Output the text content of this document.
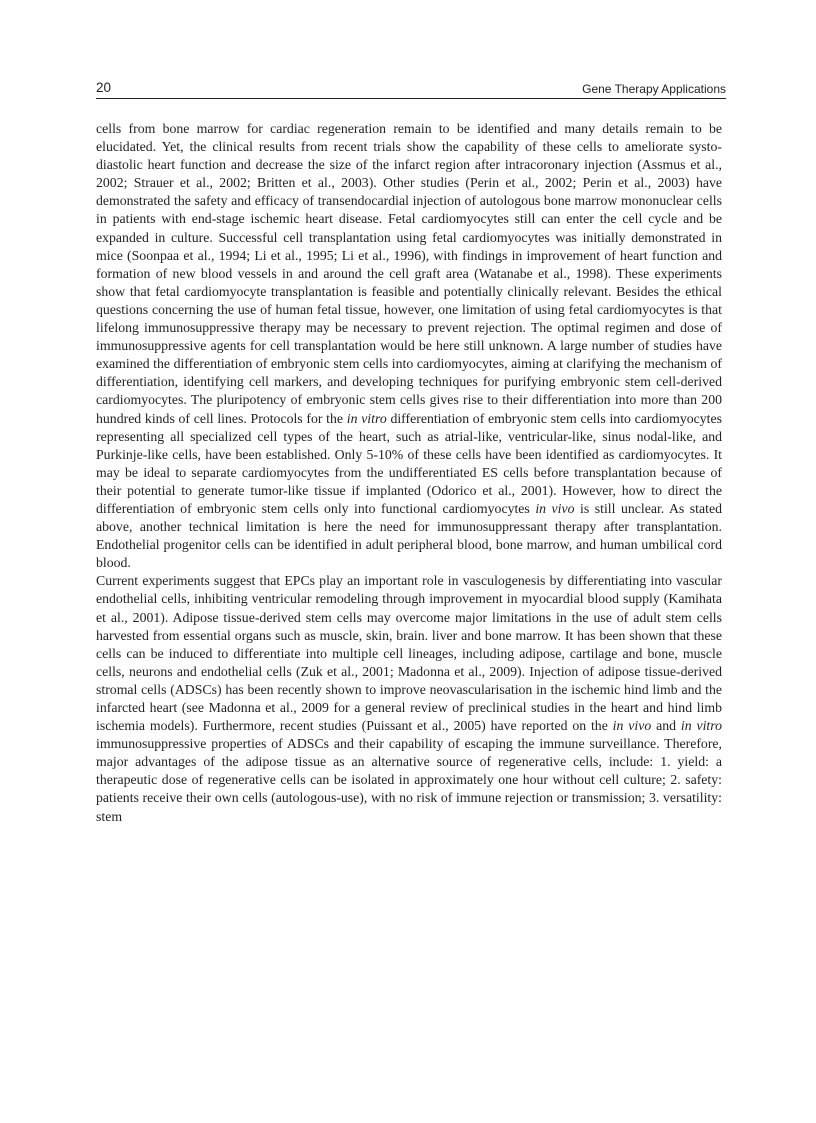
20	Gene Therapy Applications

cells from bone marrow for cardiac regeneration remain to be identified and many details remain to be elucidated. Yet, the clinical results from recent trials show the capability of these cells to ameliorate systo-diastolic heart function and decrease the size of the infarct region after intracoronary injection (Assmus et al., 2002; Strauer et al., 2002; Britten et al., 2003). Other studies (Perin et al., 2002; Perin et al., 2003) have demonstrated the safety and efficacy of transendocardial injection of autologous bone marrow mononuclear cells in patients with end-stage ischemic heart disease. Fetal cardiomyocytes still can enter the cell cycle and be expanded in culture. Successful cell transplantation using fetal cardiomyocytes was initially demonstrated in mice (Soonpaa et al., 1994; Li et al., 1995; Li et al., 1996), with findings in improvement of heart function and formation of new blood vessels in and around the cell graft area (Watanabe et al., 1998). These experiments show that fetal cardiomyocyte transplantation is feasible and potentially clinically relevant. Besides the ethical questions concerning the use of human fetal tissue, however, one limitation of using fetal cardiomyocytes is that lifelong immunosuppressive therapy may be necessary to prevent rejection. The optimal regimen and dose of immunosuppressive agents for cell transplantation would be here still unknown. A large number of studies have examined the differentiation of embryonic stem cells into cardiomyocytes, aiming at clarifying the mechanism of differentiation, identifying cell markers, and developing techniques for purifying embryonic stem cell-derived cardiomyocytes. The pluripotency of embryonic stem cells gives rise to their differentiation into more than 200 hundred kinds of cell lines. Protocols for the in vitro differentiation of embryonic stem cells into cardiomyocytes representing all specialized cell types of the heart, such as atrial-like, ventricular-like, sinus nodal-like, and Purkinje-like cells, have been established. Only 5-10% of these cells have been identified as cardiomyocytes. It may be ideal to separate cardiomyocytes from the undifferentiated ES cells before transplantation because of their potential to generate tumor-like tissue if implanted (Odorico et al., 2001). However, how to direct the differentiation of embryonic stem cells only into functional cardiomyocytes in vivo is still unclear. As stated above, another technical limitation is here the need for immunosuppressant therapy after transplantation. Endothelial progenitor cells can be identified in adult peripheral blood, bone marrow, and human umbilical cord blood.

Current experiments suggest that EPCs play an important role in vasculogenesis by differentiating into vascular endothelial cells, inhibiting ventricular remodeling through improvement in myocardial blood supply (Kamihata et al., 2001). Adipose tissue-derived stem cells may overcome major limitations in the use of adult stem cells harvested from essential organs such as muscle, skin, brain. liver and bone marrow. It has been shown that these cells can be induced to differentiate into multiple cell lineages, including adipose, cartilage and bone, muscle cells, neurons and endothelial cells (Zuk et al., 2001; Madonna et al., 2009). Injection of adipose tissue-derived stromal cells (ADSCs) has been recently shown to improve neovascularisation in the ischemic hind limb and the infarcted heart (see Madonna et al., 2009 for a general review of preclinical studies in the heart and hind limb ischemia models). Furthermore, recent studies (Puissant et al., 2005) have reported on the in vivo and in vitro immunosuppressive properties of ADSCs and their capability of escaping the immune surveillance. Therefore, major advantages of the adipose tissue as an alternative source of regenerative cells, include: 1. yield: a therapeutic dose of regenerative cells can be isolated in approximately one hour without cell culture; 2. safety: patients receive their own cells (autologous-use), with no risk of immune rejection or transmission; 3. versatility: stem
